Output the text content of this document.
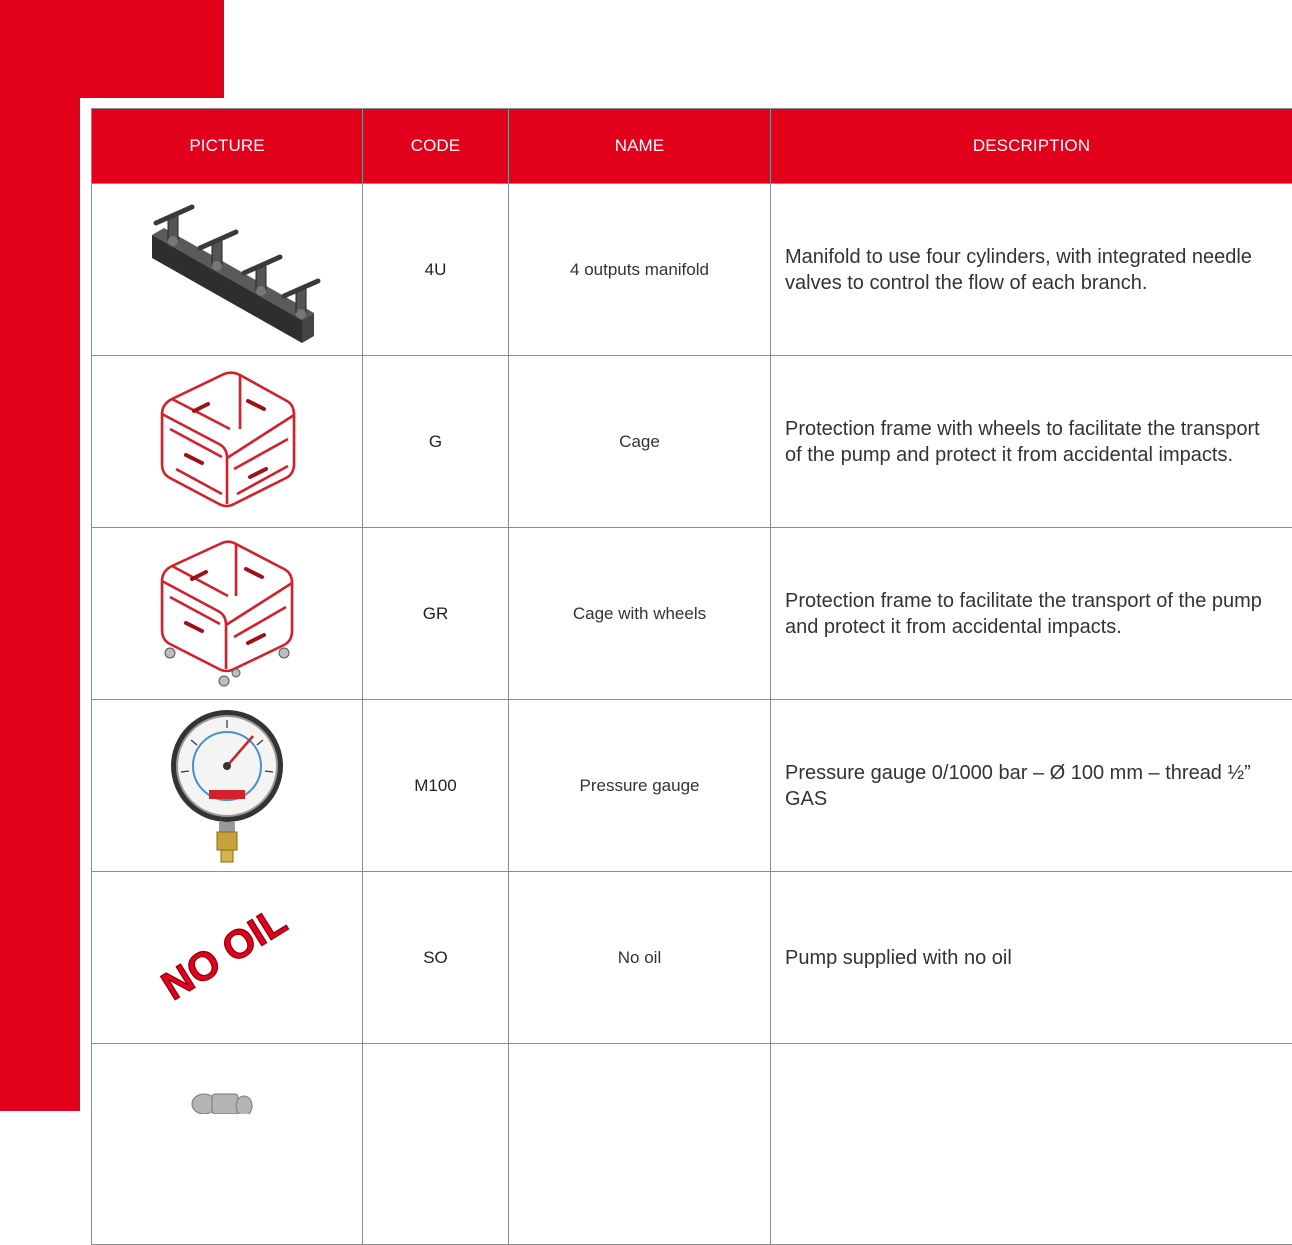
PICTURE	CODE	NAME	DESCRIPTION

	4U	4 outputs manifold	Manifold to use four cylinders, with integrated needle valves to control the flow of each branch.

	G	Cage	Protection frame with wheels to facilitate the transport of the pump and protect it from accidental impacts.

	GR	Cage with wheels	Protection frame to facilitate the transport of the pump and protect it from accidental impacts.

	M100	Pressure gauge	Pressure gauge 0/1000 bar – Ø 100 mm – thread ½” GAS

NO OIL	SO	No oil	Pump supplied with no oil
